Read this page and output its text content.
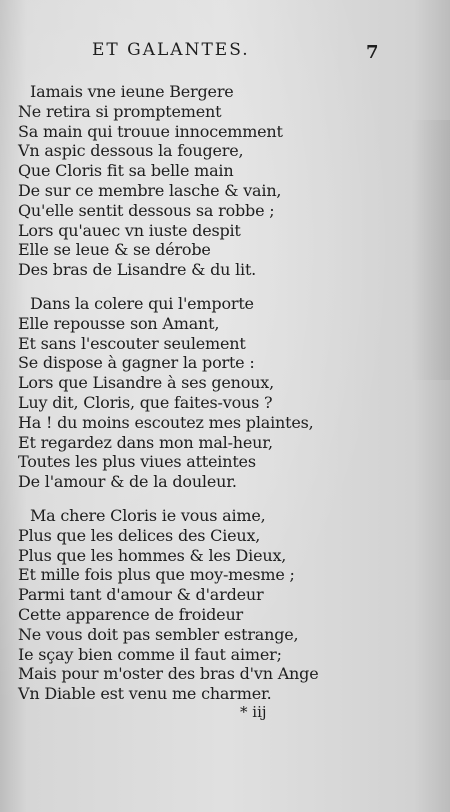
ET GALANTES.	7
Iamais vne ieune Bergere
Ne retira si promptement
Sa main qui trouue innocemment
Vn aspic dessous la fougere,
Que Cloris fit sa belle main
De sur ce membre lasche & vain,
Qu'elle sentit dessous sa robbe ;
Lors qu'auec vn iuste despit
Elle se leue & se dérobe
Des bras de Lisandre & du lit.
Dans la colere qui l'emporte
Elle repousse son Amant,
Et sans l'escouter seulement
Se dispose à gagner la porte :
Lors que Lisandre à ses genoux,
Luy dit, Cloris, que faites-vous ?
Ha ! du moins escoutez mes plaintes,
Et regardez dans mon mal-heur,
Toutes les plus viues atteintes
De l'amour & de la douleur.
Ma chere Cloris ie vous aime,
Plus que les delices des Cieux,
Plus que les hommes & les Dieux,
Et mille fois plus que moy-mesme ;
Parmi tant d'amour & d'ardeur
Cette apparence de froideur
Ne vous doit pas sembler estrange,
Ie sçay bien comme il faut aimer;
Mais pour m'oster des bras d'vn Ange
Vn Diable est venu me charmer.
* iij
